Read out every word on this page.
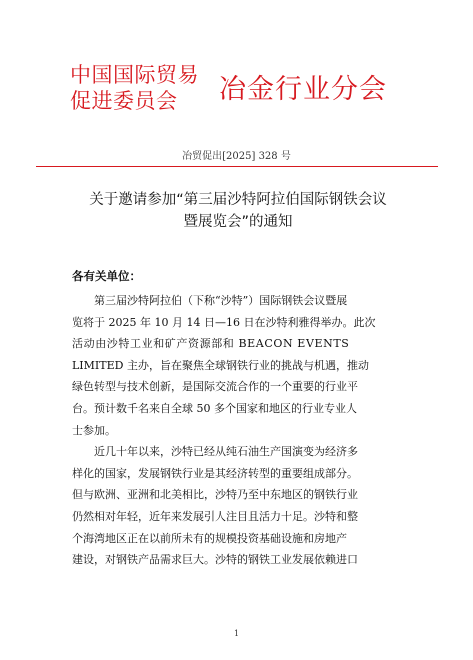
中国国际贸易
促进委员会	冶金行业分会
冶贸促出[2025] 328 号
关于邀请参加“第三届沙特阿拉伯国际钢铁会议
暨展览会”的通知
各有关单位：
第三届沙特阿拉伯（下称“沙特”）国际钢铁会议暨展
览将于 2025 年 10 月 14 日—16 日在沙特利雅得举办。此次
活动由沙特工业和矿产资源部和 BEACON EVENTS
LIMITED 主办，旨在聚焦全球钢铁行业的挑战与机遇，推动
绿色转型与技术创新，是国际交流合作的一个重要的行业平
台。预计数千名来自全球 50 多个国家和地区的行业专业人
士参加。
近几十年以来，沙特已经从纯石油生产国演变为经济多
样化的国家，发展钢铁行业是其经济转型的重要组成部分。
但与欧洲、亚洲和北美相比，沙特乃至中东地区的钢铁行业
仍然相对年轻，近年来发展引人注目且活力十足。沙特和整
个海湾地区正在以前所未有的规模投资基础设施和房地产
建设，对钢铁产品需求巨大。沙特的钢铁工业发展依赖进口
1
